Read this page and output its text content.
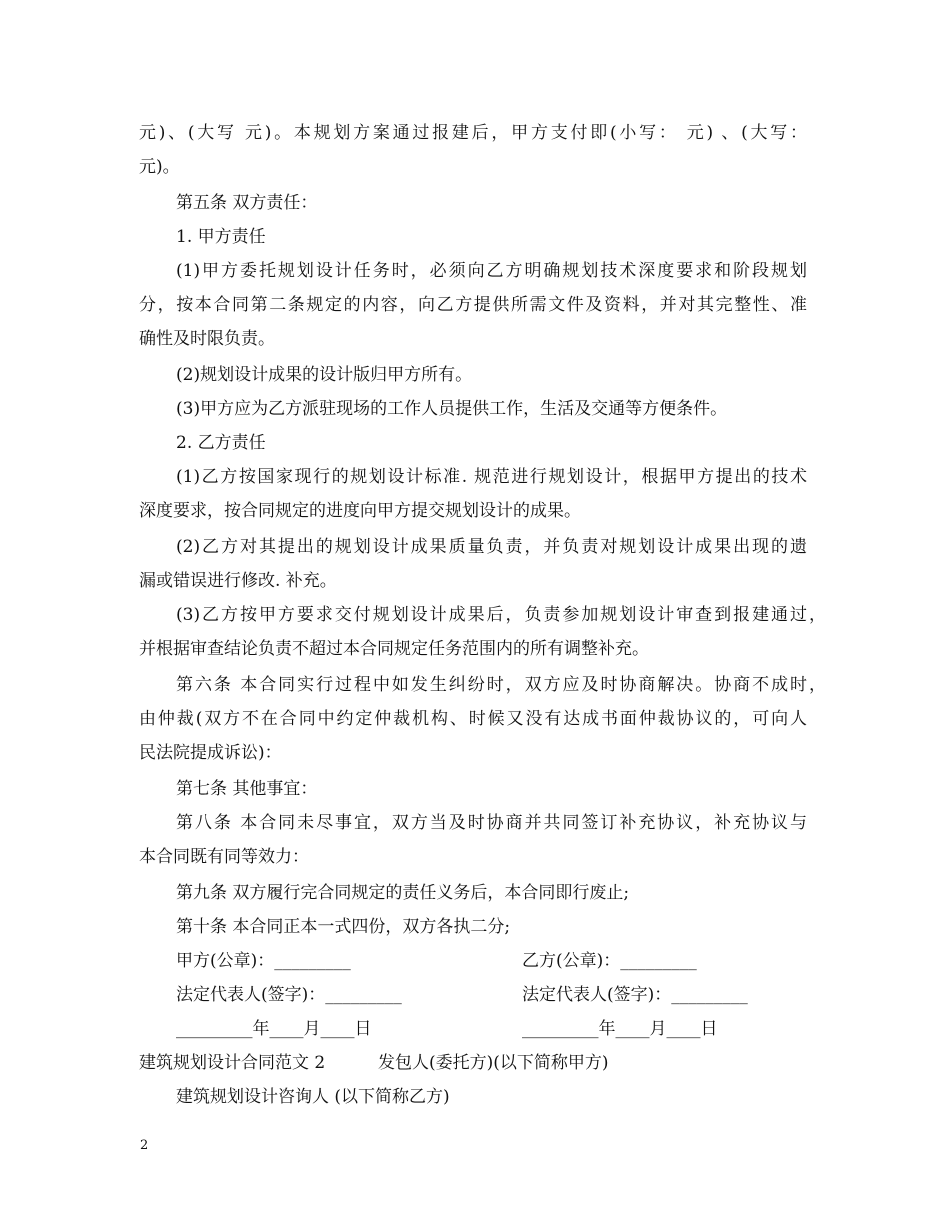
元)、(大写 元)。本规划方案通过报建后，甲方支付即(小写： 元) 、(大写：
元)。
第五条 双方责任：
1. 甲方责任
(1)甲方委托规划设计任务时，必须向乙方明确规划技术深度要求和阶段规划
分，按本合同第二条规定的内容，向乙方提供所需文件及资料，并对其完整性、准
确性及时限负责。
(2)规划设计成果的设计版归甲方所有。
(3)甲方应为乙方派驻现场的工作人员提供工作，生活及交通等方便条件。
2. 乙方责任
(1)乙方按国家现行的规划设计标准. 规范进行规划设计，根据甲方提出的技术
深度要求，按合同规定的进度向甲方提交规划设计的成果。
(2)乙方对其提出的规划设计成果质量负责，并负责对规划设计成果出现的遗
漏或错误进行修改. 补充。
(3)乙方按甲方要求交付规划设计成果后，负责参加规划设计审查到报建通过，
并根据审查结论负责不超过本合同规定任务范围内的所有调整补充。
第六条 本合同实行过程中如发生纠纷时，双方应及时协商解决。协商不成时，
由仲裁(双方不在合同中约定仲裁机构、时候又没有达成书面仲裁协议的，可向人
民法院提成诉讼)：
第七条 其他事宜：
第八条 本合同未尽事宜，双方当及时协商并共同签订补充协议，补充协议与
本合同既有同等效力：
第九条 双方履行完合同规定的责任义务后，本合同即行废止;
第十条 本合同正本一式四份，双方各执二分;
甲方(公章)：_________	乙方(公章)：_________
法定代表人(签字)：_________	法定代表人(签字)：_________
_________年____月____日	_________年____月____日
建筑规划设计合同范文 2	发包人(委托方)(以下简称甲方)
建筑规划设计咨询人 (以下简称乙方)
2
